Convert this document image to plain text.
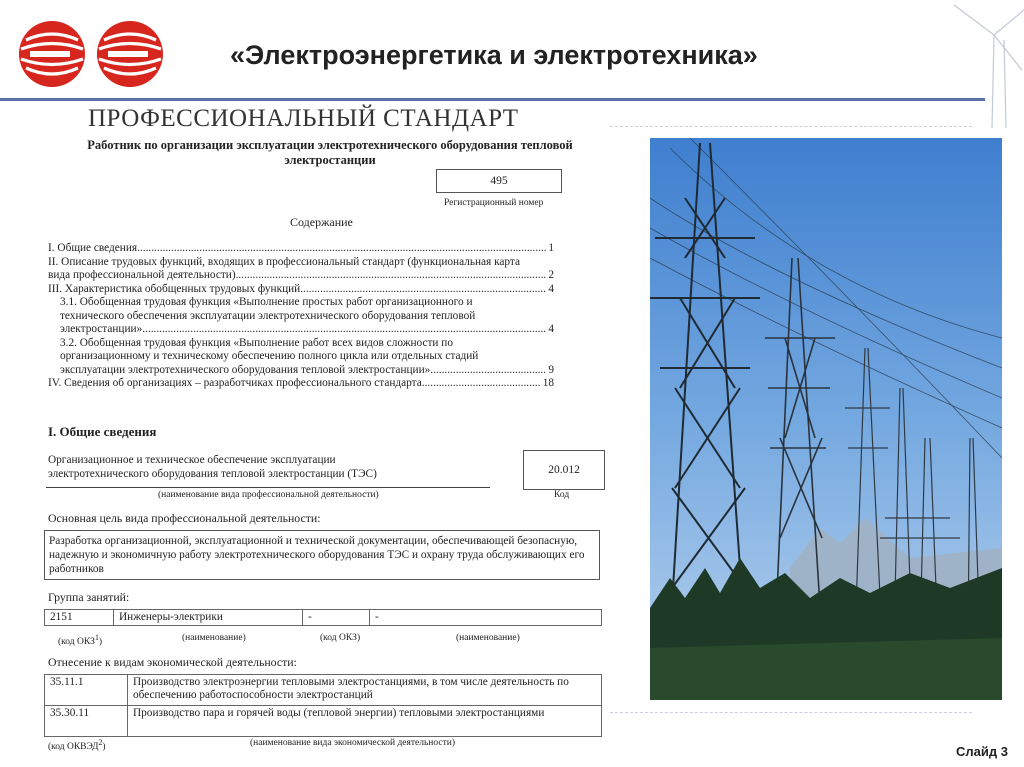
«Электроэнергетика и электротехника»
ПРОФЕССИОНАЛЬНЫЙ СТАНДАРТ
Работник по организации эксплуатации электротехнического оборудования тепловой электростанции
495
Регистрационный номер
Содержание
I. Общие сведения .....	1
II. Описание трудовых функций, входящих в профессиональный стандарт (функциональная карта
вида профессиональной деятельности) .....	2
III. Характеристика обобщенных трудовых функций .....	4
3.1. Обобщенная трудовая функция «Выполнение простых работ организационного и
технического обеспечения эксплуатации электротехнического оборудования тепловой
электростанции» .....	4
3.2. Обобщенная трудовая функция «Выполнение работ всех видов сложности по
организационному и техническому обеспечению полного цикла или отдельных стадий
эксплуатации электротехнического оборудования тепловой электростанции» .....	9
IV. Сведения об организациях – разработчиках профессионального стандарта .....	18
I. Общие сведения
Организационное и техническое обеспечение эксплуатации
электротехнического оборудования тепловой электростанции (ТЭС)	20.012
(наименование вида профессиональной деятельности)	Код
Основная цель вида профессиональной деятельности:
Разработка организационной, эксплуатационной и технической документации, обеспечивающей безопасную, надежную и экономичную работу электротехнического оборудования ТЭС и охрану труда обслуживающих его работников
Группа занятий:
2151	Инженеры-электрики	-	-
(код ОКЗ$^1$)	(наименование)	(код ОКЗ)	(наименование)
Отнесение к видам экономической деятельности:
35.11.1	Производство электроэнергии тепловыми электростанциями, в том числе деятельность по обеспечению работоспособности электростанций
35.30.11	Производство пара и горячей воды (тепловой энергии) тепловыми электростанциями
(код ОКВЭД$^2$)	(наименование вида экономической деятельности)
Слайд 3
